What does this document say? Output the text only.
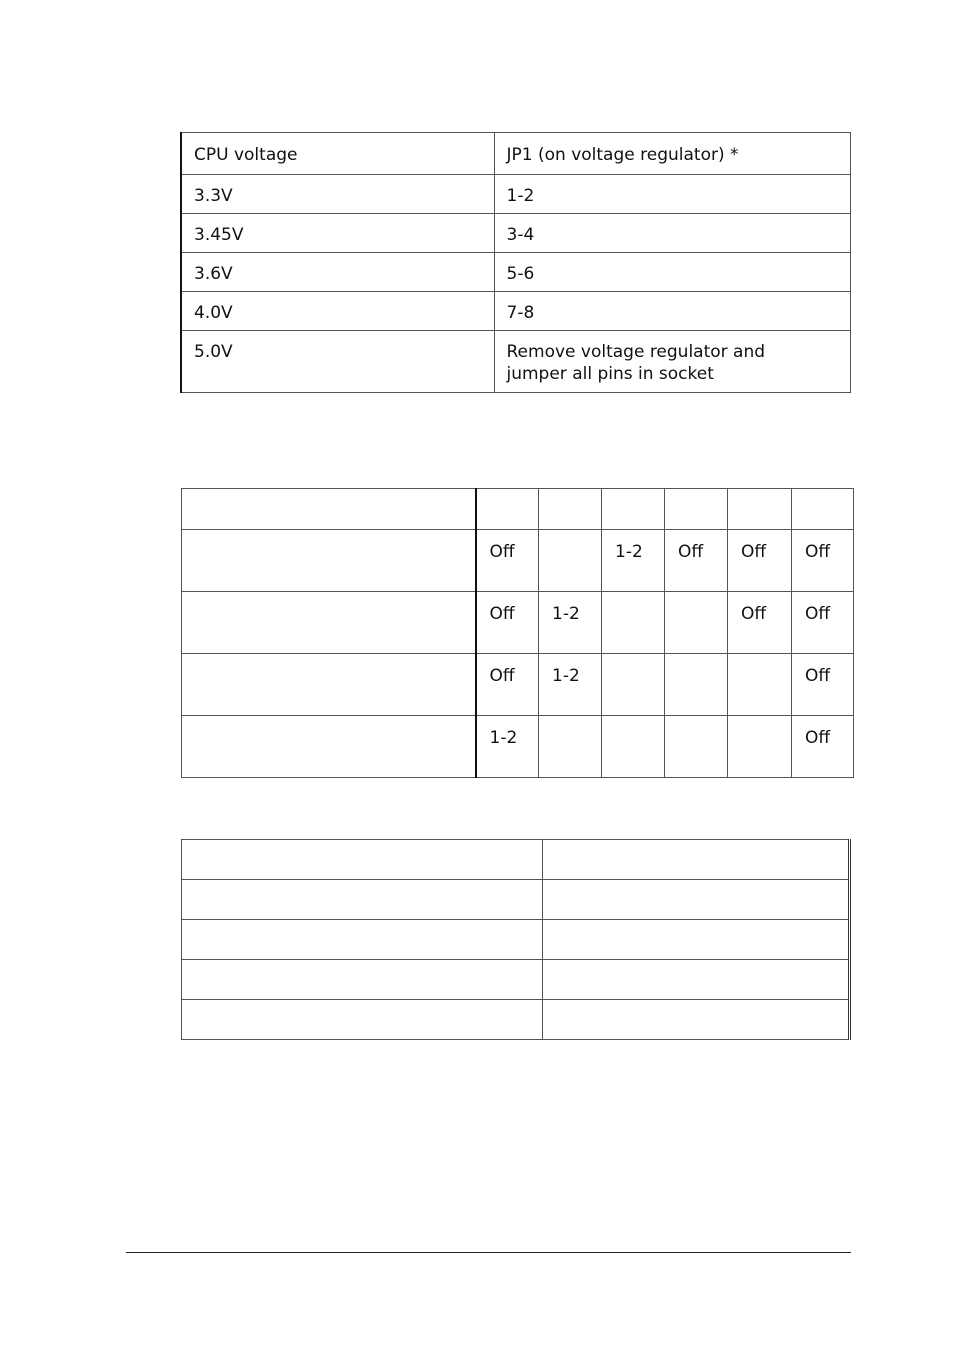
CPU voltage	JP1 (on voltage regulator) *
3.3V	1-2
3.45V	3-4
3.6V	5-6
4.0V	7-8
5.0V	Remove voltage regulator and
jumper all pins in socket

	Off		1-2	Off	Off	Off
	Off	1-2			Off	Off
	Off	1-2				Off
	1-2					Off
